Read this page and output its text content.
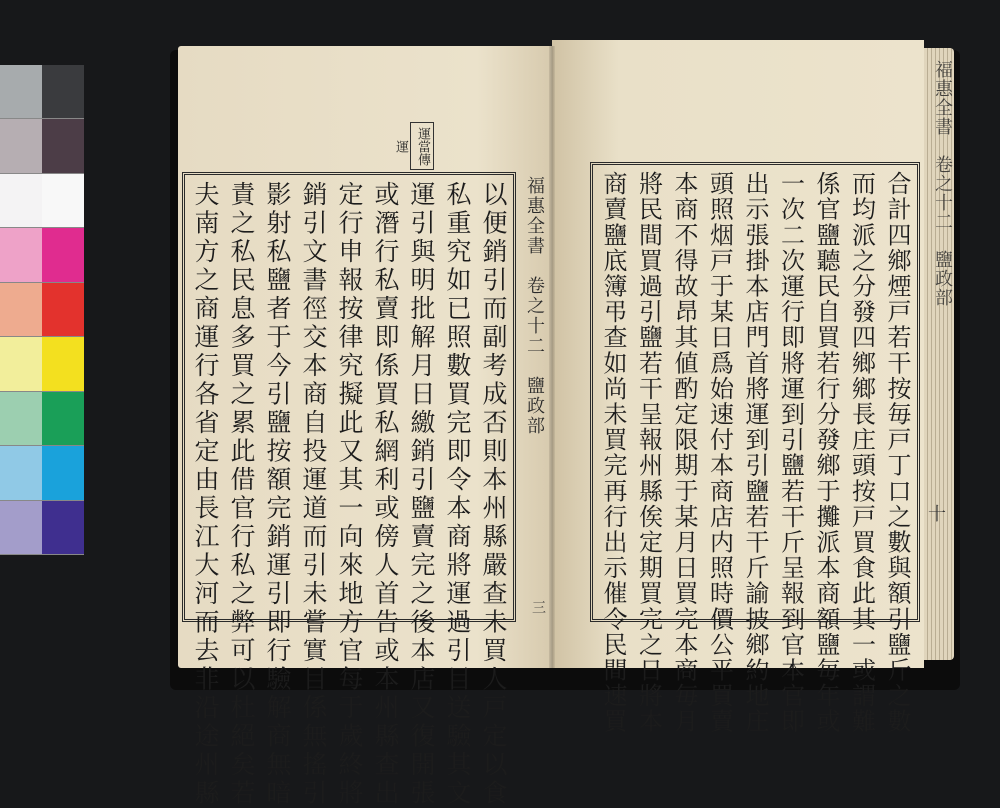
運當傳運
以便銷引而副考成否則本州縣嚴查未買人戸定以食
私重究如已照數買完即令本商將運過引目送驗其文
運引與明批解月日繳銷引鹽賣完之後本店又復開張
或潛行私賣即係買私網利或傍人首告或本州縣查出
定行申報按律究擬此又其一向來地方官每于歲終將
銷引文書徑交本商自投運道而引未嘗實目係無搖引
影射私鹽者于今引鹽按額完銷運引即行驗解商無暗
責之私民息多買之累此借官行私之弊可以杜絕矣若
夫南方之商運行各省定由長江大河而去非沿途州縣	福惠全書　卷之十二　鹽政部
三	合計四鄉煙戸若干按毎戸丁口之數與額引鹽斤之數
而均派之分發四鄉鄉長庄頭按戸買食此其一或謂難
係官鹽聽民自買若行分發鄉于攤派本商額鹽毎年或
一次二次運行即將運到引鹽若干斤呈報到官本官即
出示張掛本店門首將運到引鹽若干斤諭披鄉約地庄
頭照烟戸于某日爲始速付本商店内照時價公平買賣
本商不得故昂其値酌定限期于某月日買完本商毎月
將民間買過引鹽若干呈報州縣俟定期買完之日將本
商賣鹽底簿弔查如尚未買完再行出示催令民間速買	福惠全書　卷之十二　鹽政部
十
